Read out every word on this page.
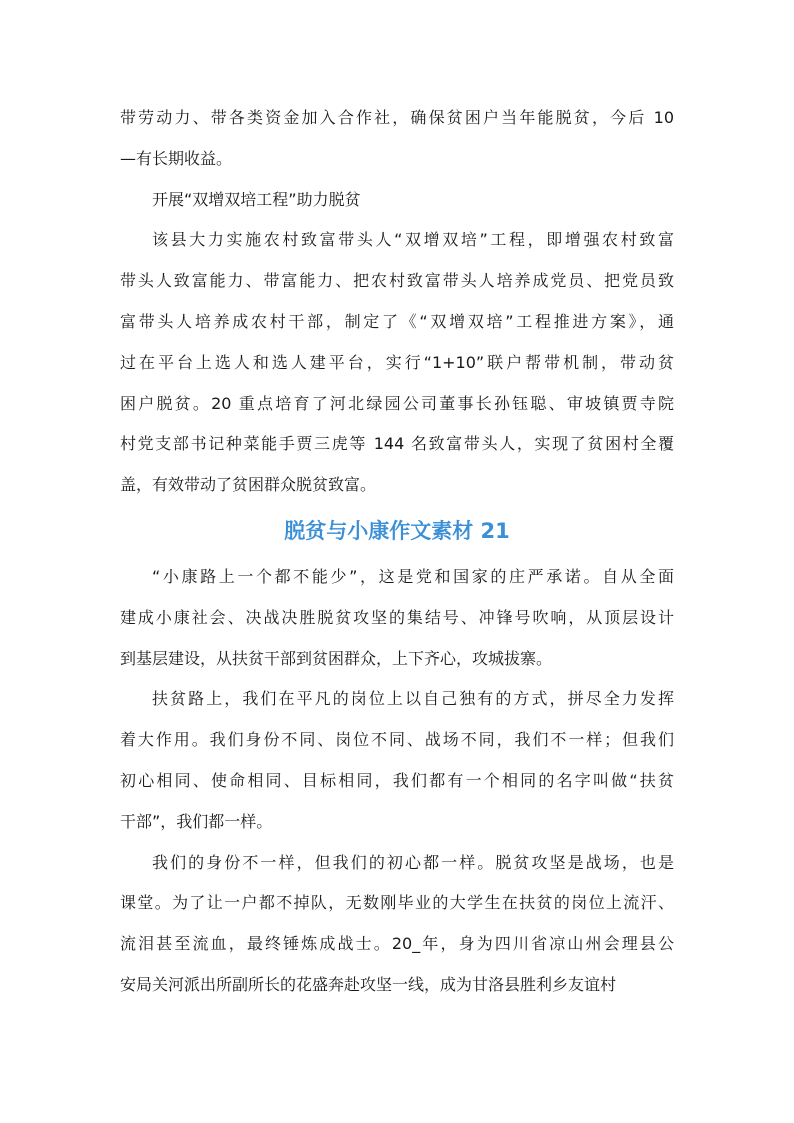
带劳动力、带各类资金加入合作社，确保贫困户当年能脱贫，今后 10
—有长期收益。

开展“双增双培工程”助力脱贫

该县大力实施农村致富带头人“双增双培”工程，即增强农村致富
带头人致富能力、带富能力、把农村致富带头人培养成党员、把党员致
富带头人培养成农村干部，制定了《“双增双培”工程推进方案》，通
过在平台上选人和选人建平台，实行“1+10”联户帮带机制，带动贫
困户脱贫。20 重点培育了河北绿园公司董事长孙钰聪、审坡镇贾寺院
村党支部书记种菜能手贾三虎等 144 名致富带头人，实现了贫困村全覆
盖，有效带动了贫困群众脱贫致富。

脱贫与小康作文素材 21

“小康路上一个都不能少”，这是党和国家的庄严承诺。自从全面
建成小康社会、决战决胜脱贫攻坚的集结号、冲锋号吹响，从顶层设计
到基层建设，从扶贫干部到贫困群众，上下齐心，攻城拔寨。

扶贫路上，我们在平凡的岗位上以自己独有的方式，拼尽全力发挥
着大作用。我们身份不同、岗位不同、战场不同，我们不一样；但我们
初心相同、使命相同、目标相同，我们都有一个相同的名字叫做“扶贫
干部”，我们都一样。

我们的身份不一样，但我们的初心都一样。脱贫攻坚是战场，也是
课堂。为了让一户都不掉队，无数刚毕业的大学生在扶贫的岗位上流汗、
流泪甚至流血，最终锤炼成战士。20_年，身为四川省凉山州会理县公
安局关河派出所副所长的花盛奔赴攻坚一线，成为甘洛县胜利乡友谊村
